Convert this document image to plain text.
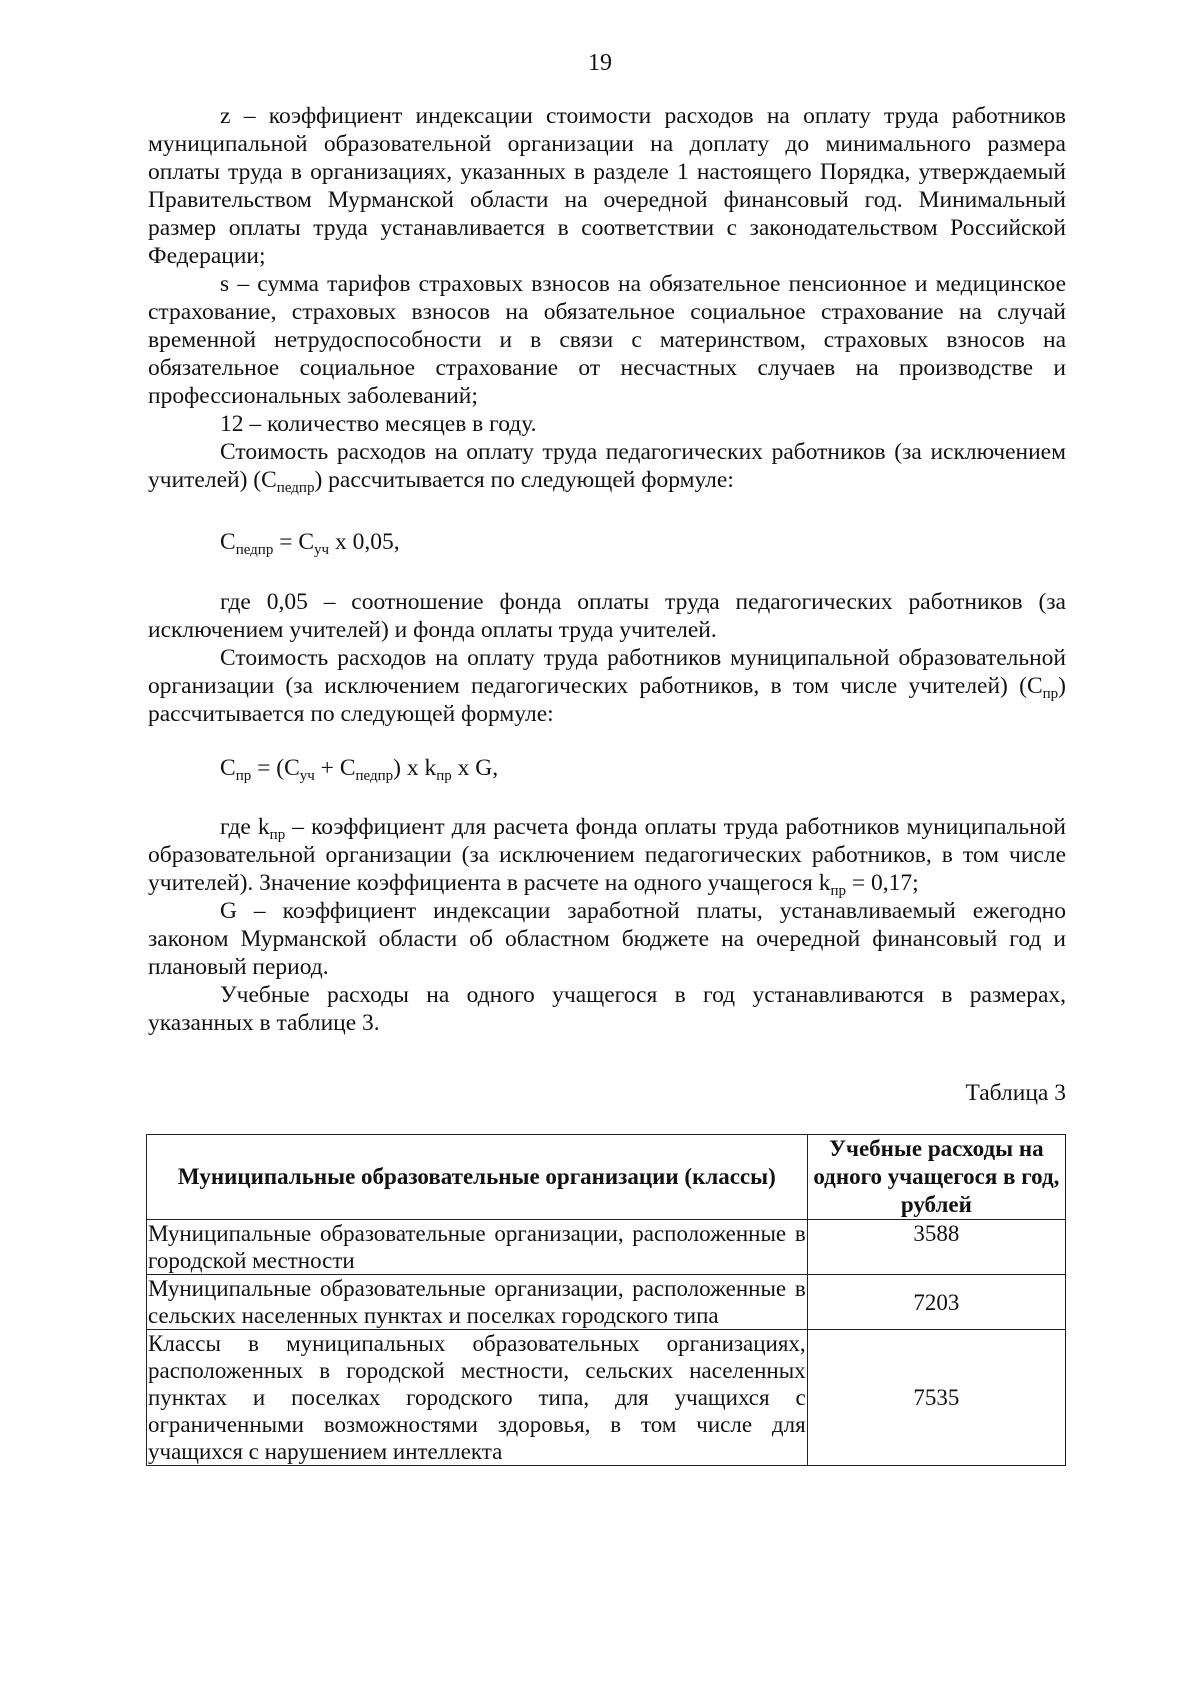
19

z – коэффициент индексации стоимости расходов на оплату труда работников муниципальной образовательной организации на доплату до минимального размера оплаты труда в организациях, указанных в разделе 1 настоящего Порядка, утверждаемый Правительством Мурманской области на очередной финансовый год. Минимальный размер оплаты труда устанавливается в соответствии с законодательством Российской Федерации;

s – сумма тарифов страховых взносов на обязательное пенсионное и медицинское страхование, страховых взносов на обязательное социальное страхование на случай временной нетрудоспособности и в связи с материнством, страховых взносов на обязательное социальное страхование от несчастных случаев на производстве и профессиональных заболеваний;

12 – количество месяцев в году.

Стоимость расходов на оплату труда педагогических работников (за исключением учителей) $(С_{педпр})$ рассчитывается по следующей формуле:

$С_{педпр} = С_{уч}$ x 0,05,

где 0,05 – соотношение фонда оплаты труда педагогических работников (за исключением учителей) и фонда оплаты труда учителей.

Стоимость расходов на оплату труда работников муниципальной образовательной организации (за исключением педагогических работников, в том числе учителей) $(С_{пр})$ рассчитывается по следующей формуле:

$С_{пр} = (С_{уч} + С_{педпр})$ x $k_{пр}$ x G,

где $k_{пр}$ – коэффициент для расчета фонда оплаты труда работников муниципальной образовательной организации (за исключением педагогических работников, в том числе учителей). Значение коэффициента в расчете на одного учащегося $k_{пр} = 0,17$;

G – коэффициент индексации заработной платы, устанавливаемый ежегодно законом Мурманской области об областном бюджете на очередной финансовый год и плановый период.

Учебные расходы на одного учащегося в год устанавливаются в размерах, указанных в таблице 3.

Таблица 3
Муниципальные образовательные организации (классы)	Учебные расходы на одного учащегося в год, рублей
Муниципальные образовательные организации, расположенные в городской местности	3588
Муниципальные образовательные организации, расположенные в сельских населенных пунктах и поселках городского типа	7203
Классы в муниципальных образовательных организациях, расположенных в городской местности, сельских населенных пунктах и поселках городского типа, для учащихся с ограниченными возможностями здоровья, в том числе для учащихся с нарушением интеллекта	7535
